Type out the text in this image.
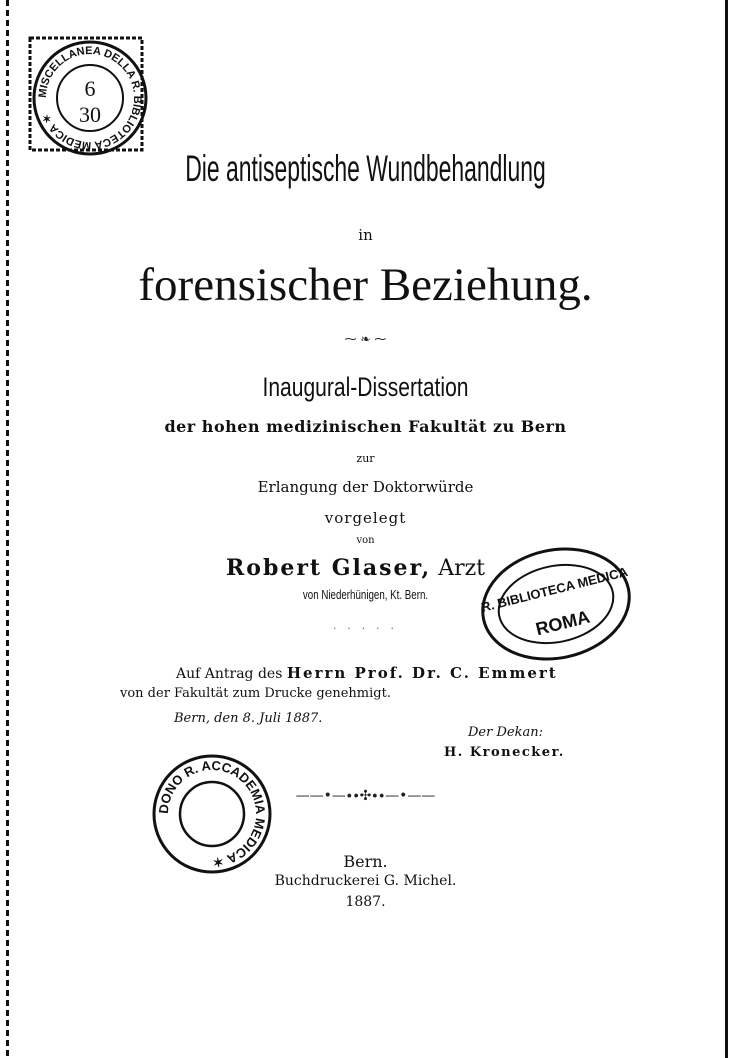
MISCELLANEA DELLA R. BIBLIOTECA MEDICA ✶
6
30
Die antiseptische Wundbehandlung
in
forensischer Beziehung.
⁓ ❧ ⁓
Inaugural-Dissertation
der hohen medizinischen Fakultät zu Bern
zur
Erlangung der Doktorwürde
vorgelegt
von
Robert Glaser, Arzt
von Niederhünigen, Kt. Bern.
· · · · ·
R. BIBLIOTECA MEDICA
ROMA
Auf Antrag des Herrn Prof. Dr. C. Emmert
von der Fakultät zum Drucke genehmigt.
Bern, den 8. Juli 1887.
Der Dekan:
H. Kronecker.
DONO R. ACCADEMIA MEDICA ✶
——•—∙∙✣∙∙—•——
Bern.
Buchdruckerei G. Michel.
1887.
